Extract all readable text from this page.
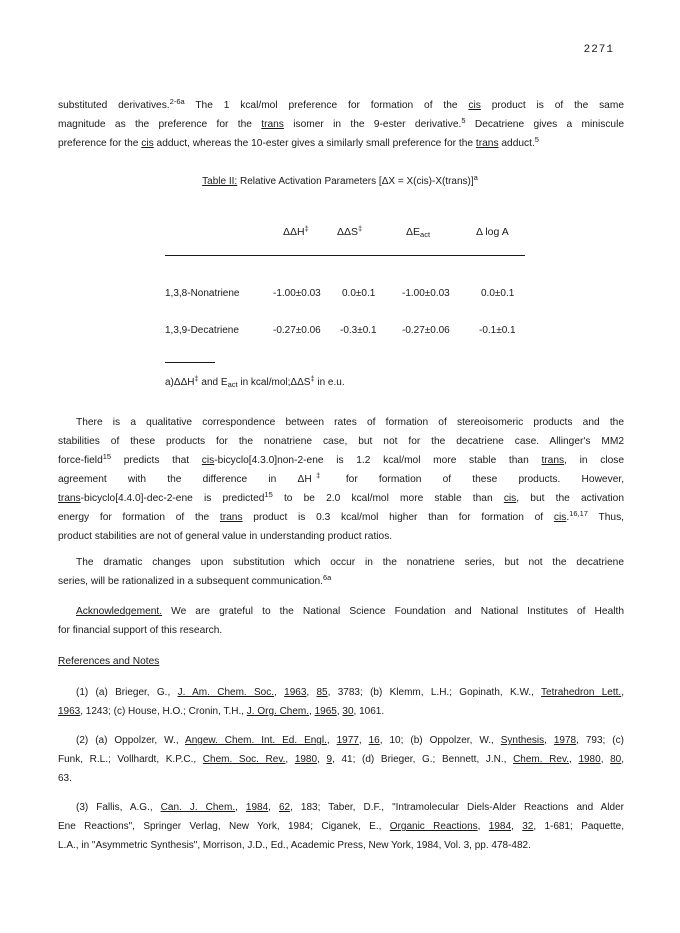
2271
substituted derivatives.$^{2-6a}$ The 1 kcal/mol preference for formation of the cis product is of the same
magnitude as the preference for the trans isomer in the 9-ester derivative.$^5$ Decatriene gives a miniscule
preference for the cis adduct, whereas the 10-ester gives a similarly small preference for the trans adduct.$^5$
Table II: Relative Activation Parameters [ΔX = X(cis)-X(trans)]$^a$
ΔΔH‡	ΔΔS‡	$\Delta E_{act}$	Δ log A
1,3,8-Nonatriene	-1.00±0.03 0.0±0.1	-1.00±0.03	0.0±0.1
1,3,9-Decatriene	-0.27±0.06 -0.3±0.1	-0.27±0.06	-0.1±0.1
a)ΔΔH‡ and $E_{act}$ in kcal/mol;ΔΔS‡ in e.u.
There is a qualitative correspondence between rates of formation of stereoisomeric products and the
stabilities of these products for the nonatriene case, but not for the decatriene case. Allinger's MM2
force-field$^{15}$ predicts that cis-bicyclo[4.3.0]non-2-ene is 1.2 kcal/mol more stable than trans, in close
agreement with the difference in ΔH‡ for formation of these products. However,
trans-bicyclo[4.4.0]-dec-2-ene is predicted$^{15}$ to be 2.0 kcal/mol more stable than cis, but the activation
energy for formation of the trans product is 0.3 kcal/mol higher than for formation of cis.$^{16,17}$ Thus,
product stabilities are not of general value in understanding product ratios.
The dramatic changes upon substitution which occur in the nonatriene series, but not the decatriene
series, will be rationalized in a subsequent communication.$^{6a}$
Acknowledgement. We are grateful to the National Science Foundation and National Institutes of Health
for financial support of this research.
References and Notes
(1) (a) Brieger, G., J. Am. Chem. Soc., 1963, 85, 3783; (b) Klemm, L.H.; Gopinath, K.W., Tetrahedron Lett.,
1963, 1243; (c) House, H.O.; Cronin, T.H., J. Org. Chem., 1965, 30, 1061.
(2) (a) Oppolzer, W., Angew. Chem. Int. Ed. Engl., 1977, 16, 10; (b) Oppolzer, W., Synthesis, 1978, 793; (c)
Funk, R.L.; Vollhardt, K.P.C., Chem. Soc. Rev., 1980, 9, 41; (d) Brieger, G.; Bennett, J.N., Chem. Rev., 1980, 80,
63.
(3) Fallis, A.G., Can. J. Chem., 1984, 62, 183; Taber, D.F., "Intramolecular Diels-Alder Reactions and Alder
Ene Reactions", Springer Verlag, New York, 1984; Ciganek, E., Organic Reactions, 1984, 32, 1-681; Paquette,
L.A., in "Asymmetric Synthesis", Morrison, J.D., Ed., Academic Press, New York, 1984, Vol. 3, pp. 478-482.
